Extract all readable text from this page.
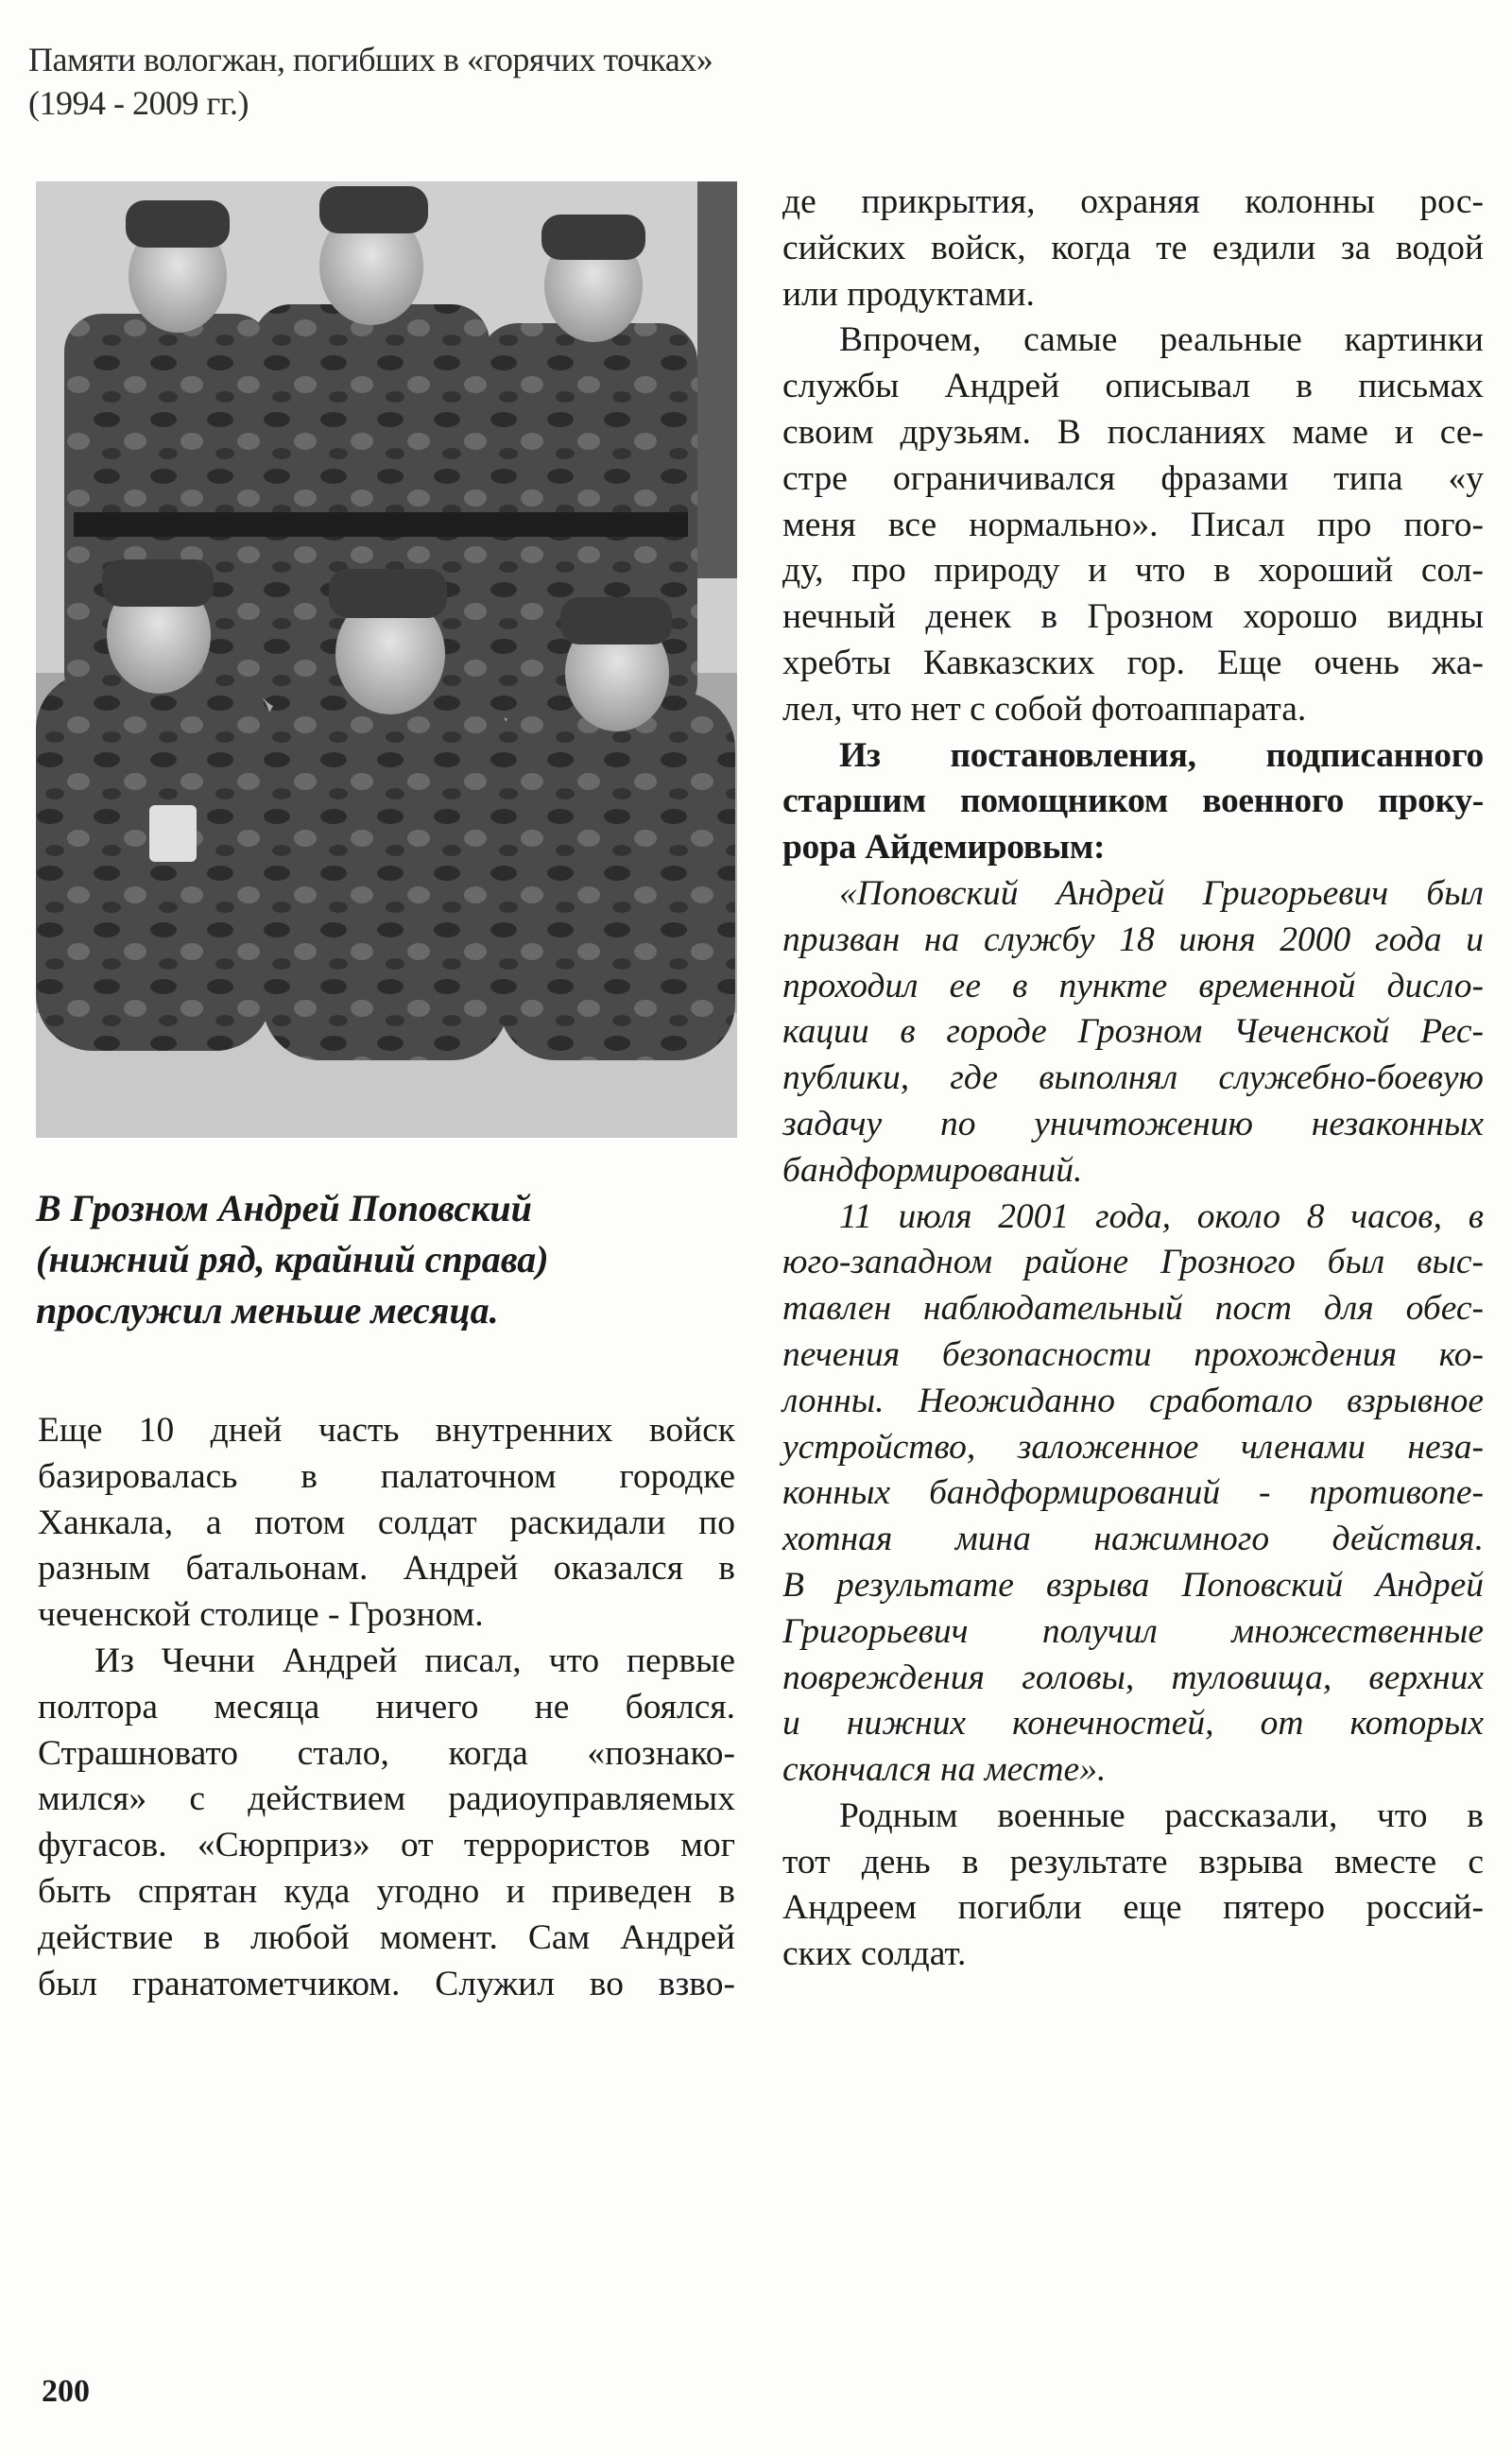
Памяти вологжан, погибших в «горячих точках»
(1994 - 2009 гг.)
В Грозном Андрей Поповский
(нижний ряд, крайний справа)
прослужил меньше месяца.
Еще 10 дней часть внутренних войск
базировалась в палаточном городке
Ханкала, а потом солдат раскидали по
разным батальонам. Андрей оказался в
чеченской столице - Грозном.
Из Чечни Андрей писал, что первые
полтора месяца ничего не боялся.
Страшновато стало, когда «познако-
мился» с действием радиоуправляемых
фугасов. «Сюрприз» от террористов мог
быть спрятан куда угодно и приведен в
действие в любой момент. Сам Андрей
был гранатометчиком. Служил во взво-
де прикрытия, охраняя колонны рос-
сийских войск, когда те ездили за водой
или продуктами.
Впрочем, самые реальные картинки
службы Андрей описывал в письмах
своим друзьям. В посланиях маме и се-
стре ограничивался фразами типа «у
меня все нормально». Писал про пого-
ду, про природу и что в хороший сол-
нечный денек в Грозном хорошо видны
хребты Кавказских гор. Еще очень жа-
лел, что нет с собой фотоаппарата.
Из постановления, подписанного
старшим помощником военного проку-
рора Айдемировым:
«Поповский Андрей Григорьевич был
призван на службу 18 июня 2000 года и
проходил ее в пункте временной дисло-
кации в городе Грозном Чеченской Рес-
публики, где выполнял служебно-боевую
задачу по уничтожению незаконных
бандформирований.
11 июля 2001 года, около 8 часов, в
юго-западном районе Грозного был выс-
тавлен наблюдательный пост для обес-
печения безопасности прохождения ко-
лонны. Неожиданно сработало взрывное
устройство, заложенное членами неза-
конных бандформирований - противопе-
хотная мина нажимного действия.
В результате взрыва Поповский Андрей
Григорьевич получил множественные
повреждения головы, туловища, верхних
и нижних конечностей, от которых
скончался на месте».
Родным военные рассказали, что в
тот день в результате взрыва вместе с
Андреем погибли еще пятеро россий-
ских солдат.
200
